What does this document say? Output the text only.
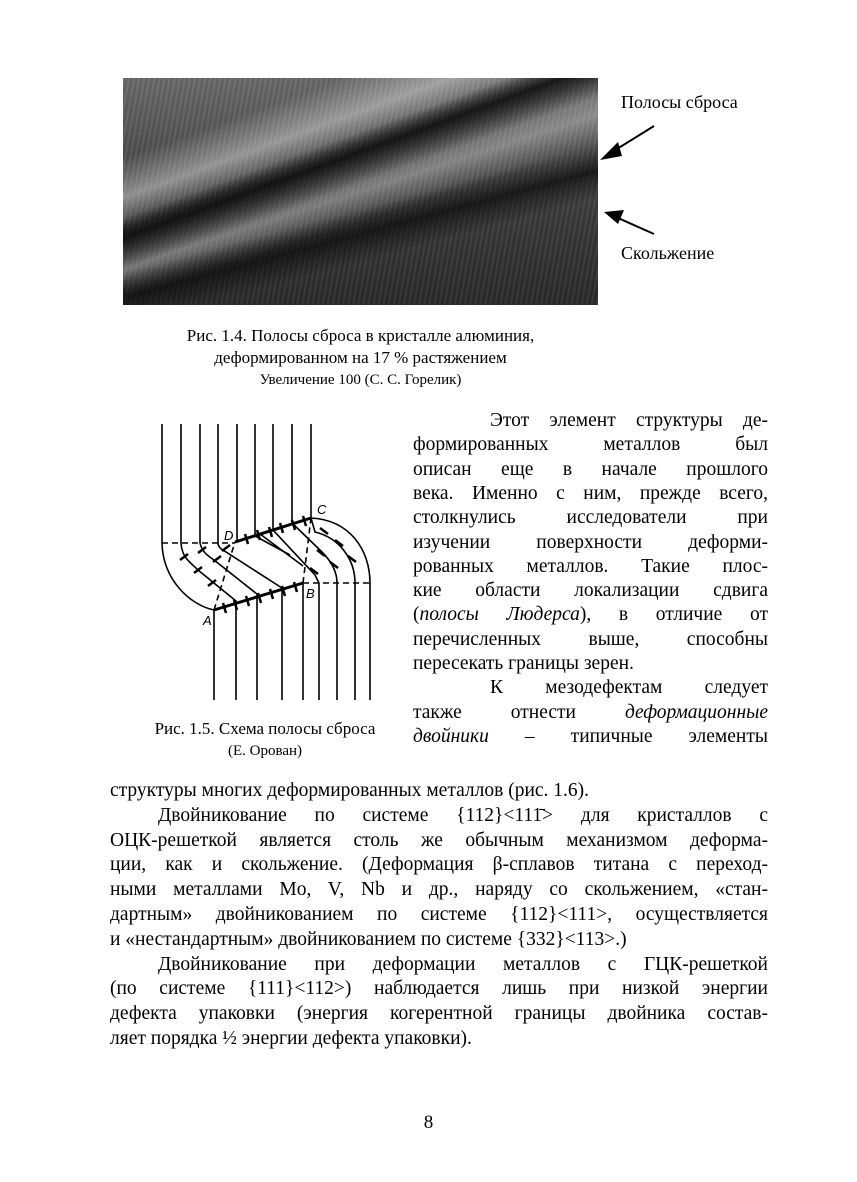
Полосы сброса
Скольжение
Рис. 1.4. Полосы сброса в кристалле алюминия,
деформированном на 17 % растяжением
Увеличение 100 (С. С. Горелик)
A
B
C
D
Рис. 1.5. Схема полосы сброса
(Е. Орован)
Этот элемент структуры де-
формированных металлов был
описан еще в начале прошлого
века. Именно с ним, прежде всего,
столкнулись исследователи при
изучении поверхности деформи-
рованных металлов. Такие плос-
кие области локализации сдвига
(полосы Людерса), в отличие от
перечисленных выше, способны
пересекать границы зерен.
К мезодефектам следует
также отнести деформационные
двойники – типичные элементы
структуры многих деформированных металлов (рис. 1.6).
Двойникование по системе {112}<111̄> для кристаллов с
ОЦК-решеткой является столь же обычным механизмом деформа-
ции, как и скольжение. (Деформация β-сплавов титана с переход-
ными металлами Mo, V, Nb и др., наряду со скольжением, «стан-
дартным» двойникованием по системе {112}<111>, осуществляется
и «нестандартным» двойникованием по системе {332}<113>.)
Двойникование при деформации металлов с ГЦК-решеткой
(по системе {111}<112>) наблюдается лишь при низкой энергии
дефекта упаковки (энергия когерентной границы двойника состав-
ляет порядка ½ энергии дефекта упаковки).
8
